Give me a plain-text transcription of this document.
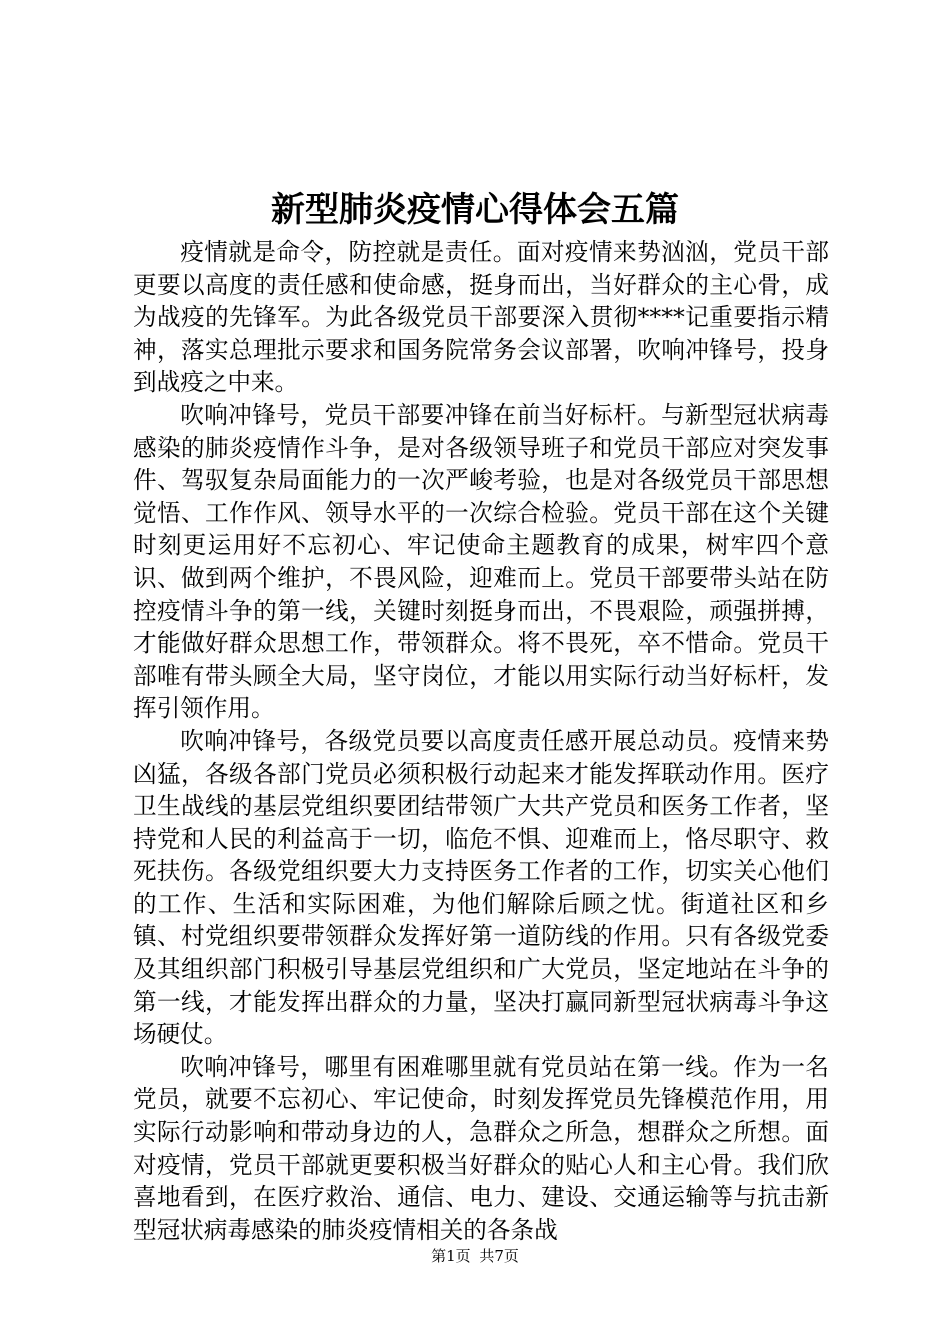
新型肺炎疫情心得体会五篇

疫情就是命令，防控就是责任。面对疫情来势汹汹，党员干部更要以高度的责任感和使命感，挺身而出，当好群众的主心骨，成为战疫的先锋军。为此各级党员干部要深入贯彻****记重要指示精神，落实总理批示要求和国务院常务会议部署，吹响冲锋号，投身到战疫之中来。

吹响冲锋号，党员干部要冲锋在前当好标杆。与新型冠状病毒感染的肺炎疫情作斗争，是对各级领导班子和党员干部应对突发事件、驾驭复杂局面能力的一次严峻考验，也是对各级党员干部思想觉悟、工作作风、领导水平的一次综合检验。党员干部在这个关键时刻更运用好不忘初心、牢记使命主题教育的成果，树牢四个意识、做到两个维护，不畏风险，迎难而上。党员干部要带头站在防控疫情斗争的第一线，关键时刻挺身而出，不畏艰险，顽强拼搏，才能做好群众思想工作，带领群众。将不畏死，卒不惜命。党员干部唯有带头顾全大局，坚守岗位，才能以用实际行动当好标杆，发挥引领作用。

吹响冲锋号，各级党员要以高度责任感开展总动员。疫情来势凶猛，各级各部门党员必须积极行动起来才能发挥联动作用。医疗卫生战线的基层党组织要团结带领广大共产党员和医务工作者，坚持党和人民的利益高于一切，临危不惧、迎难而上，恪尽职守、救死扶伤。各级党组织要大力支持医务工作者的工作，切实关心他们的工作、生活和实际困难，为他们解除后顾之忧。街道社区和乡镇、村党组织要带领群众发挥好第一道防线的作用。只有各级党委及其组织部门积极引导基层党组织和广大党员，坚定地站在斗争的第一线，才能发挥出群众的力量，坚决打赢同新型冠状病毒斗争这场硬仗。

吹响冲锋号，哪里有困难哪里就有党员站在第一线。作为一名党员，就要不忘初心、牢记使命，时刻发挥党员先锋模范作用，用实际行动影响和带动身边的人，急群众之所急，想群众之所想。面对疫情，党员干部就更要积极当好群众的贴心人和主心骨。我们欣喜地看到，在医疗救治、通信、电力、建设、交通运输等与抗击新型冠状病毒感染的肺炎疫情相关的各条战

第1页 共7页
